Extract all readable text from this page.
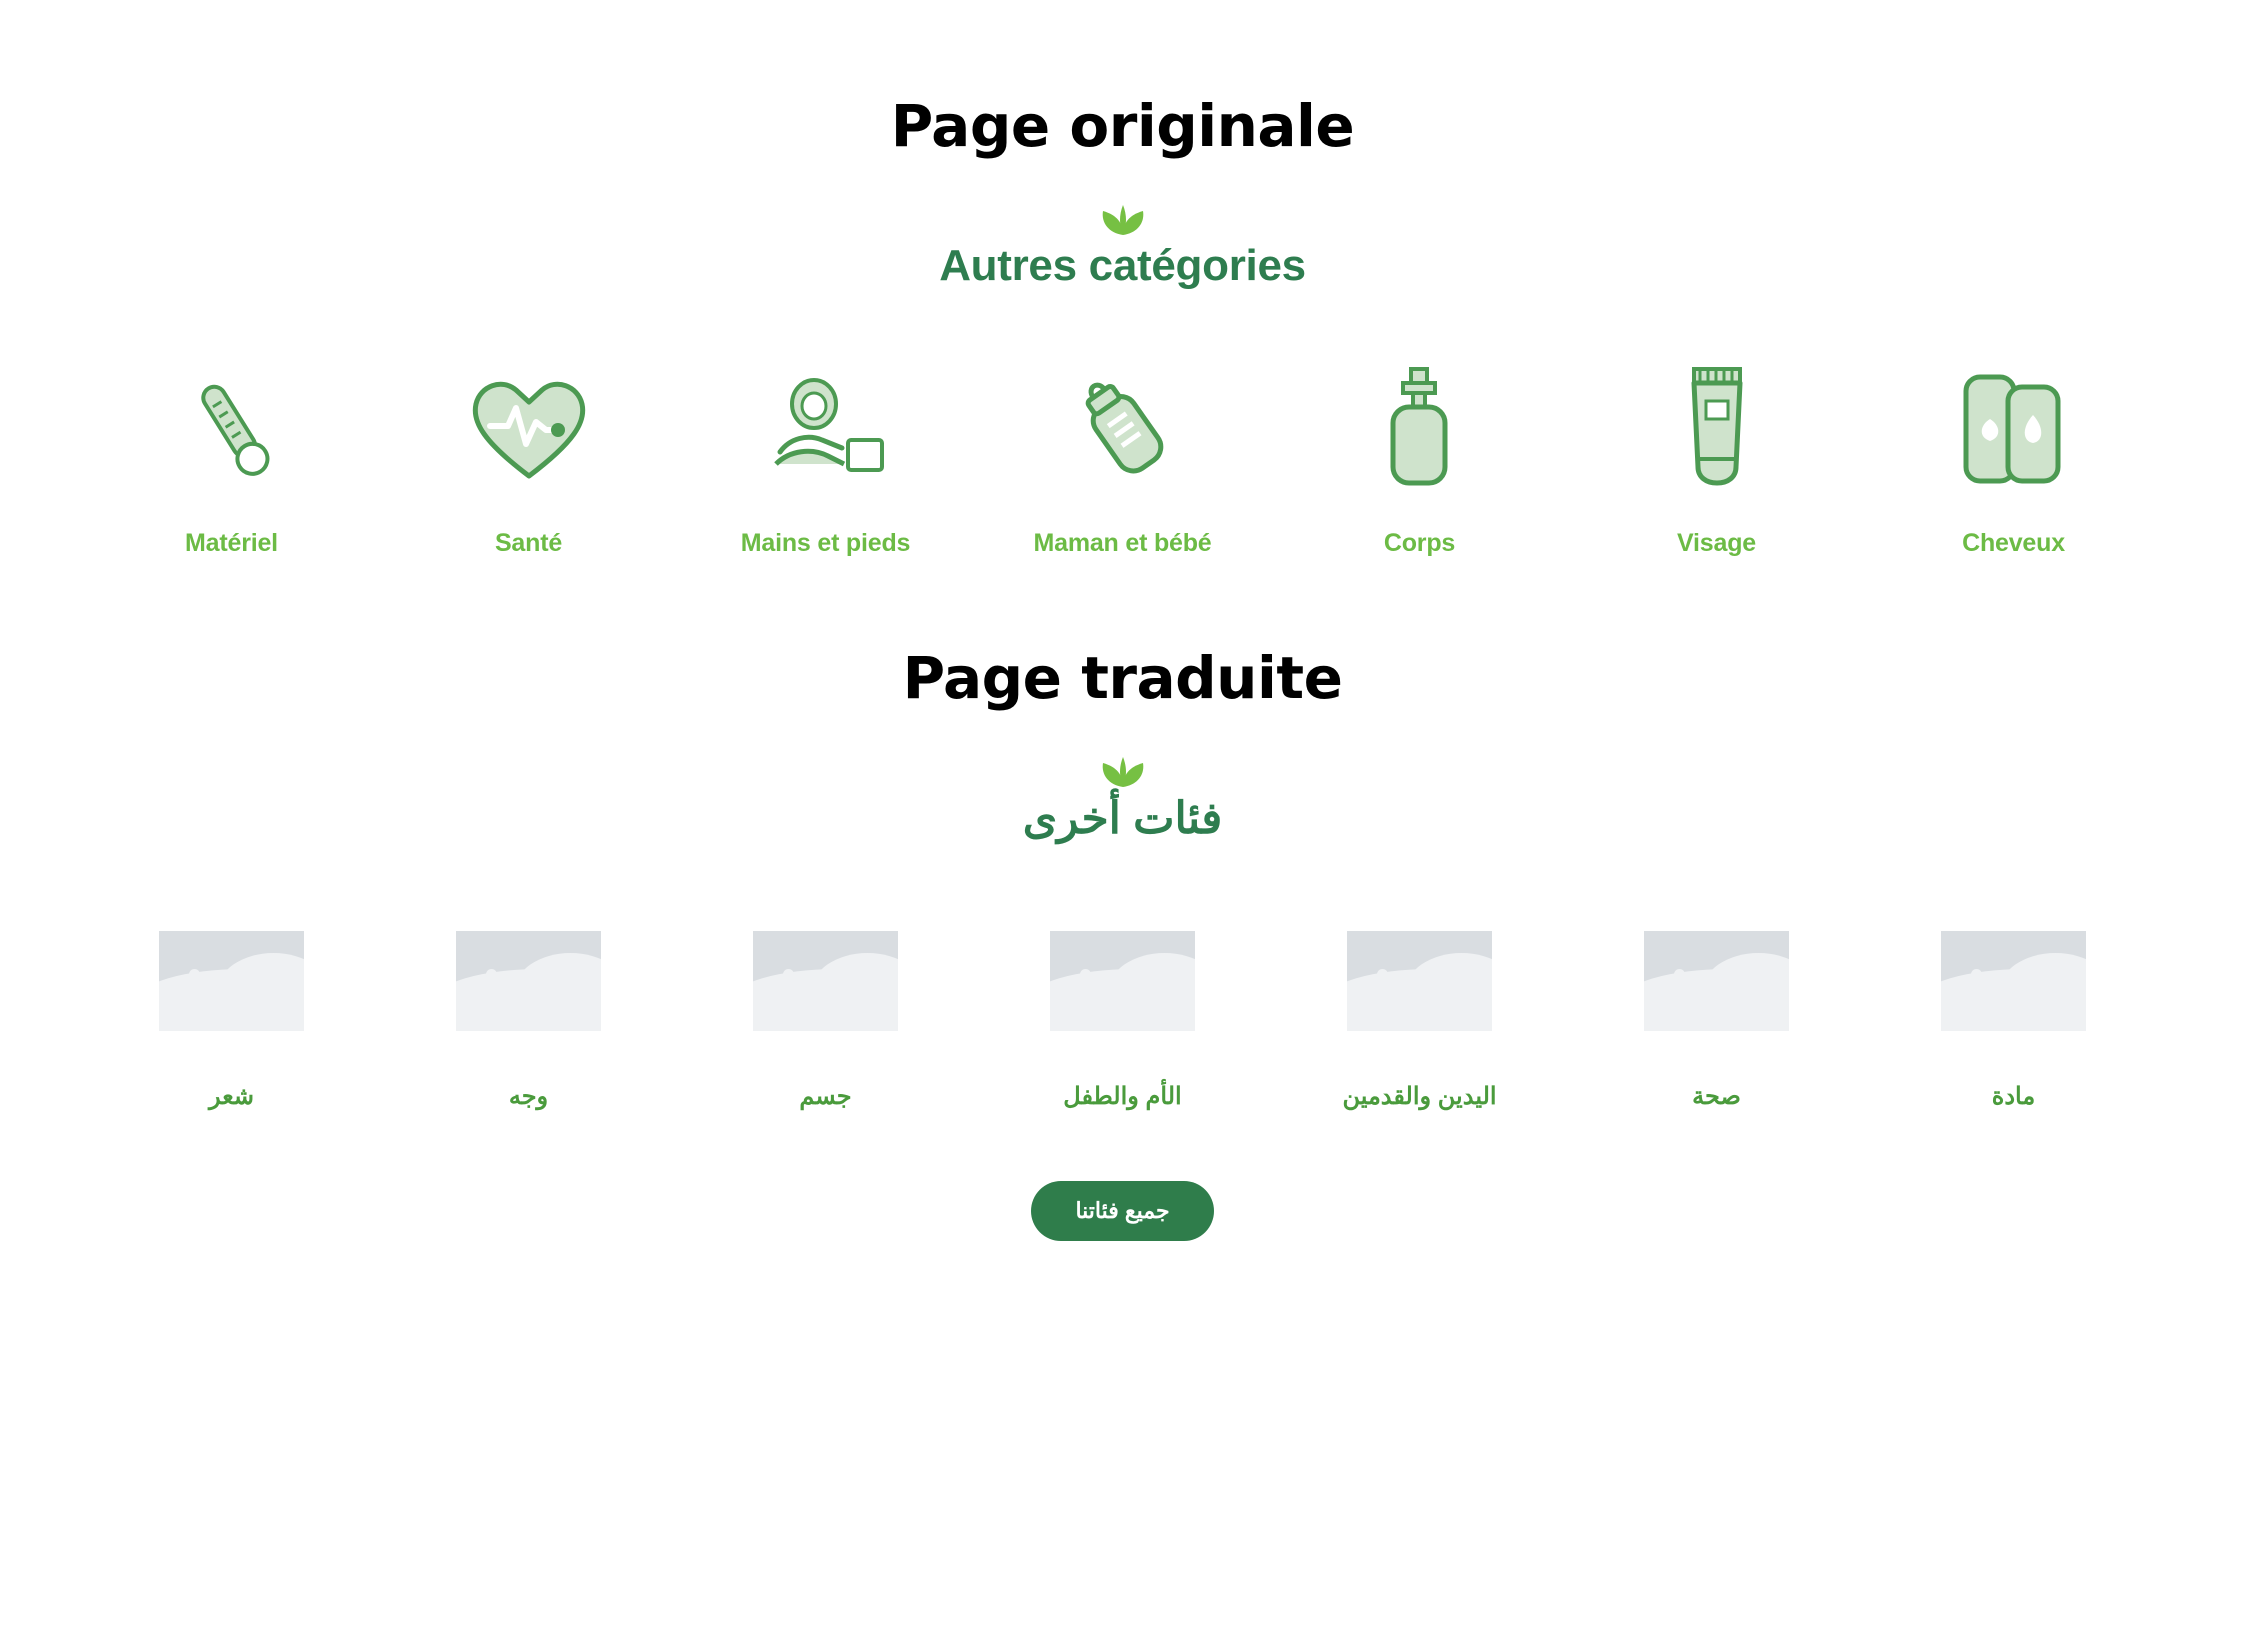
Page originale
Autres catégories
Matériel	Santé	Mains et pieds	Maman et bébé	Corps	Visage	Cheveux
Page traduite
فئات أخرى
شعر	وجه	جسم	الأم والطفل	اليدين والقدمين	صحة	مادة
جميع فئاتنا
